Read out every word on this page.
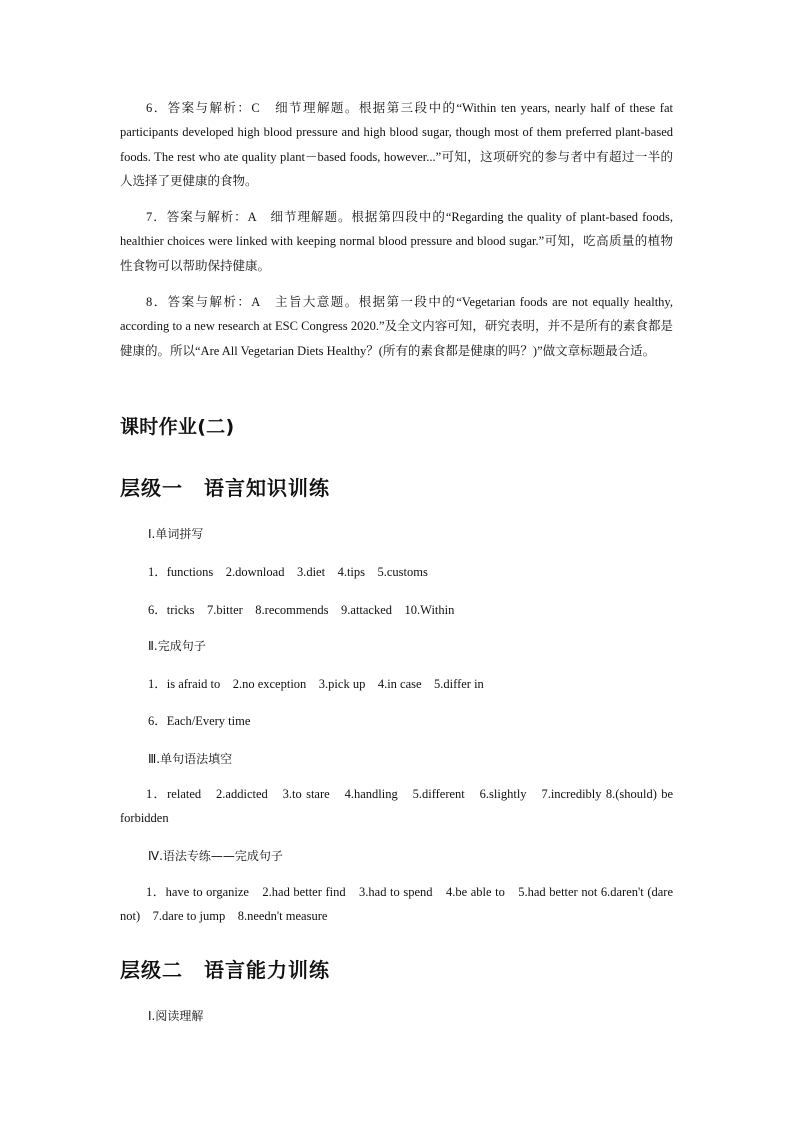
6．答案与解析：C　细节理解题。根据第三段中的“Within ten years, nearly half of these fat participants developed high blood pressure and high blood sugar, though most of them preferred plant-based foods. The rest who ate quality plant－based foods, however...”可知，这项研究的参与者中有超过一半的人选择了更健康的食物。

7．答案与解析：A　细节理解题。根据第四段中的“Regarding the quality of plant-based foods, healthier choices were linked with keeping normal blood pressure and blood sugar.”可知，吃高质量的植物性食物可以帮助保持健康。

8．答案与解析：A　主旨大意题。根据第一段中的“Vegetarian foods are not equally healthy, according to a new research at ESC Congress 2020.”及全文内容可知，研究表明，并不是所有的素食都是健康的。所以“Are All Vegetarian Diets Healthy？(所有的素食都是健康的吗？)”做文章标题最合适。

课时作业(二)
层级一　语言知识训练

Ⅰ.单词拼写

1．functions　2.download　3.diet　4.tips　5.customs

6．tricks　7.bitter　8.recommends　9.attacked　10.Within

Ⅱ.完成句子

1．is afraid to　2.no exception　3.pick up　4.in case　5.differ in

6．Each/Every time

Ⅲ.单句语法填空

1．related　2.addicted　3.to stare　4.handling　5.different　6.slightly　7.incredibly 8.(should) be forbidden

Ⅳ.语法专练——完成句子

1．have to organize　2.had better find　3.had to spend　4.be able to　5.had better not 6.daren't (dare not)　7.dare to jump　8.needn't measure

层级二　语言能力训练

Ⅰ.阅读理解
